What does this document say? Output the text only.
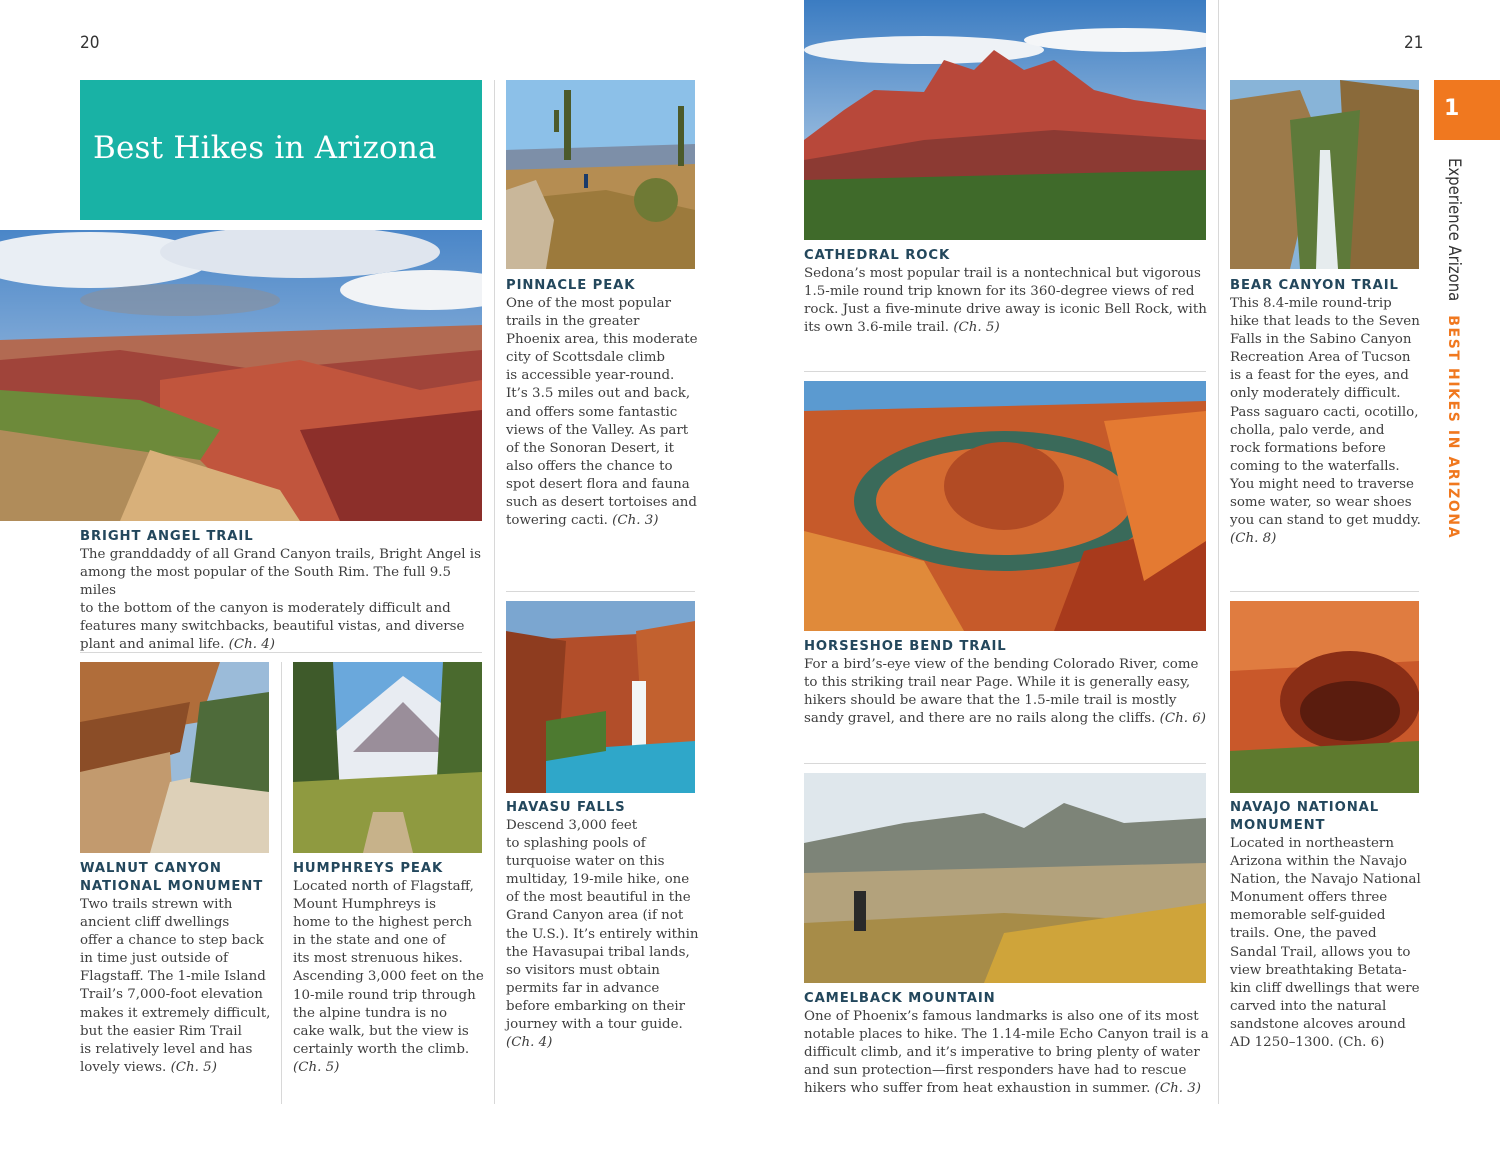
20	21
Best Hikes in Arizona
1
Experience ArizonaBEST HIKES IN ARIZONA
BRIGHT ANGEL TRAIL
The granddaddy of all Grand Canyon trails, Bright Angel is
among the most popular of the South Rim. The full 9.5 miles
to the bottom of the canyon is moderately difficult and
features many switchbacks, beautiful vistas, and diverse
plant and animal life. (Ch. 4)
PINNACLE PEAK
One of the most popular
trails in the greater
Phoenix area, this moderate
city of Scottsdale climb
is accessible year-round.
It’s 3.5 miles out and back,
and offers some fantastic
views of the Valley. As part
of the Sonoran Desert, it
also offers the chance to
spot desert flora and fauna
such as desert tortoises and
towering cacti. (Ch. 3)
WALNUT CANYON
NATIONAL MONUMENT
Two trails strewn with
ancient cliff dwellings
offer a chance to step back
in time just outside of
Flagstaff. The 1-mile Island
Trail’s 7,000-foot elevation
makes it extremely difficult,
but the easier Rim Trail
is relatively level and has
lovely views. (Ch. 5)
HUMPHREYS PEAK
Located north of Flagstaff,
Mount Humphreys is
home to the highest perch
in the state and one of
its most strenuous hikes.
Ascending 3,000 feet on the
10-mile round trip through
the alpine tundra is no
cake walk, but the view is
certainly worth the climb.
(Ch. 5)
HAVASU FALLS
Descend 3,000 feet
to splashing pools of
turquoise water on this
multiday, 19-mile hike, one
of the most beautiful in the
Grand Canyon area (if not
the U.S.). It’s entirely within
the Havasupai tribal lands,
so visitors must obtain
permits far in advance
before embarking on their
journey with a tour guide.
(Ch. 4)
CATHEDRAL ROCK
Sedona’s most popular trail is a nontechnical but vigorous
1.5-mile round trip known for its 360-degree views of red
rock. Just a five-minute drive away is iconic Bell Rock, with
its own 3.6-mile trail. (Ch. 5)
HORSESHOE BEND TRAIL
For a bird’s-eye view of the bending Colorado River, come
to this striking trail near Page. While it is generally easy,
hikers should be aware that the 1.5-mile trail is mostly
sandy gravel, and there are no rails along the cliffs. (Ch. 6)
CAMELBACK MOUNTAIN
One of Phoenix’s famous landmarks is also one of its most
notable places to hike. The 1.14-mile Echo Canyon trail is a
difficult climb, and it’s imperative to bring plenty of water
and sun protection—first responders have had to rescue
hikers who suffer from heat exhaustion in summer. (Ch. 3)
BEAR CANYON TRAIL
This 8.4-mile round-trip
hike that leads to the Seven
Falls in the Sabino Canyon
Recreation Area of Tucson
is a feast for the eyes, and
only moderately difficult.
Pass saguaro cacti, ocotillo,
cholla, palo verde, and
rock formations before
coming to the waterfalls.
You might need to traverse
some water, so wear shoes
you can stand to get muddy.
(Ch. 8)
NAVAJO NATIONAL
MONUMENT
Located in northeastern
Arizona within the Navajo
Nation, the Navajo National
Monument offers three
memorable self-guided
trails. One, the paved
Sandal Trail, allows you to
view breathtaking Betata-
kin cliff dwellings that were
carved into the natural
sandstone alcoves around
AD 1250–1300. (Ch. 6)
